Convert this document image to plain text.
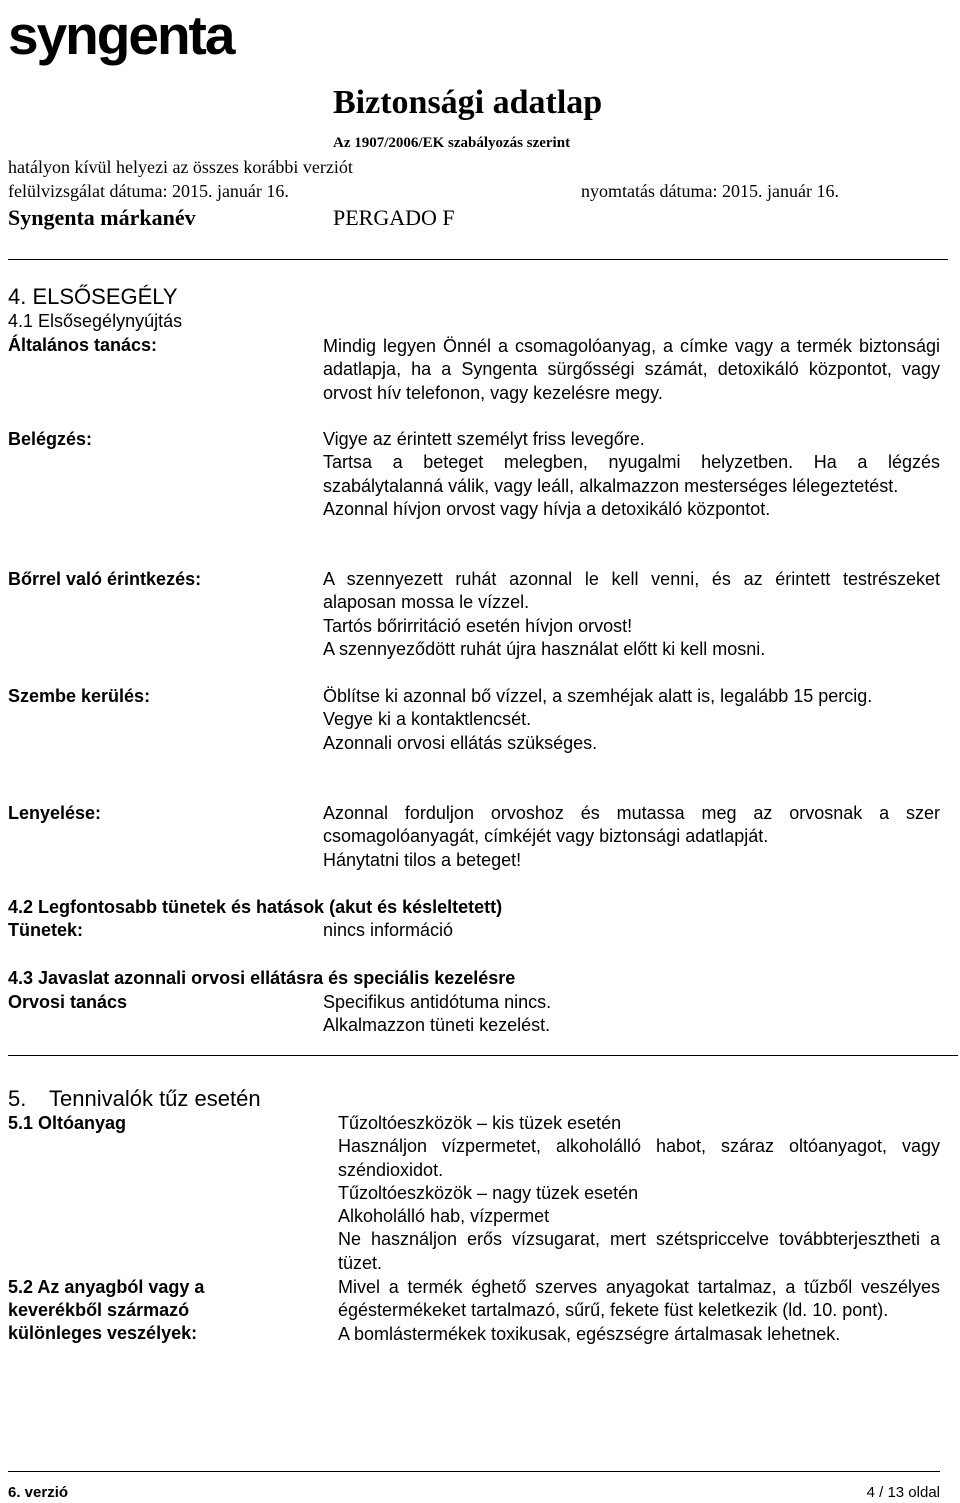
syngenta
Biztonsági adatlap
Az 1907/2006/EK szabályozás szerint
hatályon kívül helyezi az összes korábbi verziót
felülvizsgálat dátuma: 2015. január 16.	nyomtatás dátuma: 2015. január 16.
Syngenta márkanév	PERGADO F
4. ELSŐSEGÉLY
4.1 Elsősegélynyújtás
Általános tanács:	Mindig legyen Önnél a csomagolóanyag, a címke vagy a termék biztonsági adatlapja, ha a Syngenta sürgősségi számát, detoxikáló központot, vagy orvost hív telefonon, vagy kezelésre megy.

Belégzés:	Vigye az érintett személyt friss levegőre.

Tartsa a beteget melegben, nyugalmi helyzetben. Ha a légzés szabálytalanná válik, vagy leáll, alkalmazzon mesterséges lélegeztetést.

Azonnal hívjon orvost vagy hívja a detoxikáló központot.

Bőrrel való érintkezés:	A szennyezett ruhát azonnal le kell venni, és az érintett testrészeket alaposan mossa le vízzel.

Tartós bőrirritáció esetén hívjon orvost!

A szennyeződött ruhát újra használat előtt ki kell mosni.

Szembe kerülés:	Öblítse ki azonnal bő vízzel, a szemhéjak alatt is, legalább 15 percig.

Vegye ki a kontaktlencsét.

Azonnali orvosi ellátás szükséges.

Lenyelése:	Azonnal forduljon orvoshoz és mutassa meg az orvosnak a szer csomagolóanyagát, címkéjét vagy biztonsági adatlapját.

Hánytatni tilos a beteget!

4.2 Legfontosabb tünetek és hatások (akut és késleltetett)
Tünetek:	nincs információ
4.3 Javaslat azonnali orvosi ellátásra és speciális kezelésre
Orvosi tanács	Specifikus antidótuma nincs.

Alkalmazzon tüneti kezelést.

5. Tennivalók tűz esetén
5.1 Oltóanyag	Tűzoltóeszközök – kis tüzek esetén

Használjon vízpermetet, alkoholálló habot, száraz oltóanyagot, vagy széndioxidot.

Tűzoltóeszközök – nagy tüzek esetén

Alkoholálló hab, vízpermet

Ne használjon erős vízsugarat, mert szétspriccelve továbbterjesztheti a tüzet.

5.2 Az anyagból vagy a keverékből származó különleges veszélyek:

Mivel a termék éghető szerves anyagokat tartalmaz, a tűzből veszélyes égéstermékeket tartalmazó, sűrű, fekete füst keletkezik (ld. 10. pont).

A bomlástermékek toxikusak, egészségre ártalmasak lehetnek.

6. verzió	4 / 13 oldal
